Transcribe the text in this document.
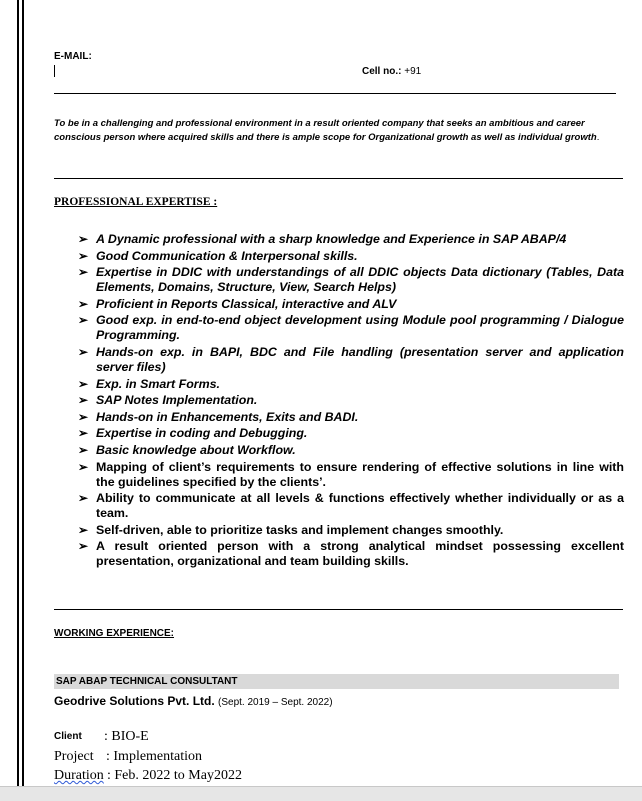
E-MAIL:
Cell no.: +91
To be in a challenging and professional environment in a result oriented company that seeks an ambitious and career conscious person where acquired skills and there is ample scope for Organizational growth as well as individual growth.
PROFESSIONAL EXPERTISE :
➢ A Dynamic professional with a sharp knowledge and Experience in SAP ABAP/4
➢ Good Communication & Interpersonal skills.
➢ Expertise in DDIC with understandings of all DDIC objects Data dictionary (Tables, Data Elements, Domains, Structure, View, Search Helps)
➢ Proficient in Reports Classical, interactive and ALV
➢ Good exp. in end-to-end object development using Module pool programming / Dialogue Programming.
➢ Hands-on exp. in BAPI, BDC and File handling (presentation server and application server files)
➢ Exp. in Smart Forms.
➢ SAP Notes Implementation.
➢ Hands-on in Enhancements, Exits and BADI.
➢ Expertise in coding and Debugging.
➢ Basic knowledge about Workflow.
➢ Mapping of client’s requirements to ensure rendering of effective solutions in line with the guidelines specified by the clients’.
➢ Ability to communicate at all levels & functions effectively whether individually or as a team.
➢ Self-driven, able to prioritize tasks and implement changes smoothly.
➢ A result oriented person with a strong analytical mindset possessing excellent presentation, organizational and team building skills.
WORKING EXPERIENCE:
SAP ABAP TECHNICAL CONSULTANT
Geodrive Solutions Pvt. Ltd. (Sept. 2019 – Sept. 2022)
Client : BIO-E
Project : Implementation
Duration : Feb. 2022 to May2022
